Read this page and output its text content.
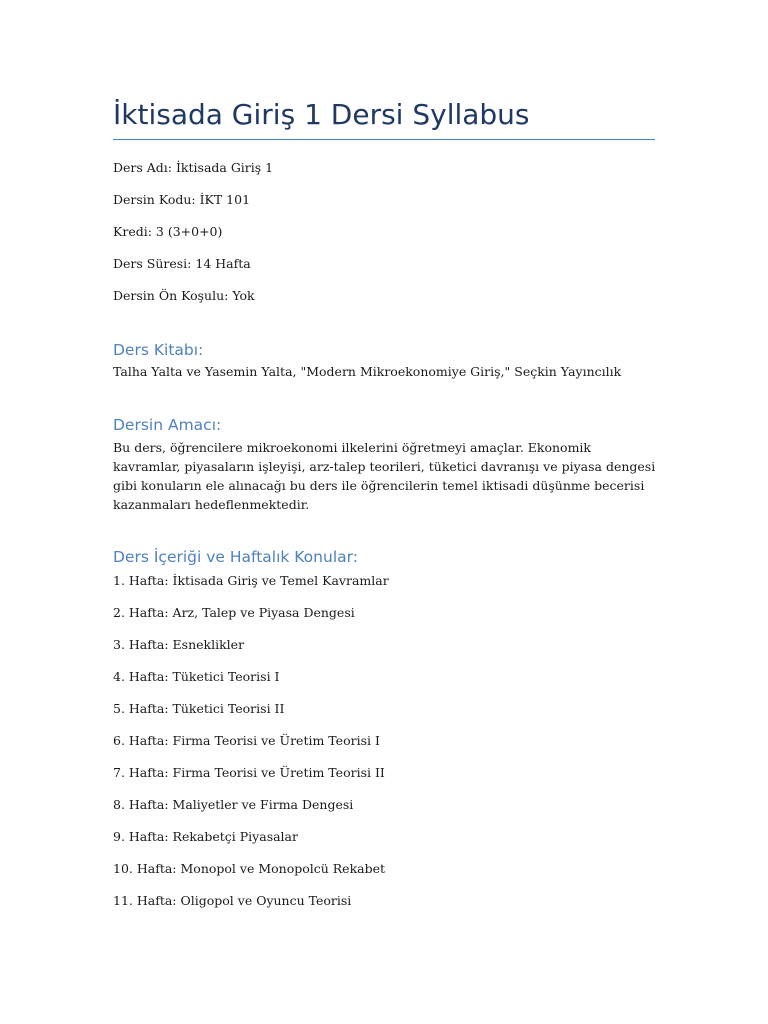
İktisada Giriş 1 Dersi Syllabus
Ders Adı: İktisada Giriş 1
Dersin Kodu: İKT 101
Kredi: 3 (3+0+0)
Ders Süresi: 14 Hafta
Dersin Ön Koşulu: Yok
Ders Kitabı:
Talha Yalta ve Yasemin Yalta, "Modern Mikroekonomiye Giriş," Seçkin Yayıncılık
Dersin Amacı:
Bu ders, öğrencilere mikroekonomi ilkelerini öğretmeyi amaçlar. Ekonomik kavramlar, piyasaların işleyişi, arz-talep teorileri, tüketici davranışı ve piyasa dengesi gibi konuların ele alınacağı bu ders ile öğrencilerin temel iktisadi düşünme becerisi kazanmaları hedeflenmektedir.
Ders İçeriği ve Haftalık Konular:
1. Hafta: İktisada Giriş ve Temel Kavramlar
2. Hafta: Arz, Talep ve Piyasa Dengesi
3. Hafta: Esneklikler
4. Hafta: Tüketici Teorisi I
5. Hafta: Tüketici Teorisi II
6. Hafta: Firma Teorisi ve Üretim Teorisi I
7. Hafta: Firma Teorisi ve Üretim Teorisi II
8. Hafta: Maliyetler ve Firma Dengesi
9. Hafta: Rekabetçi Piyasalar
10. Hafta: Monopol ve Monopolcü Rekabet
11. Hafta: Oligopol ve Oyuncu Teorisi
